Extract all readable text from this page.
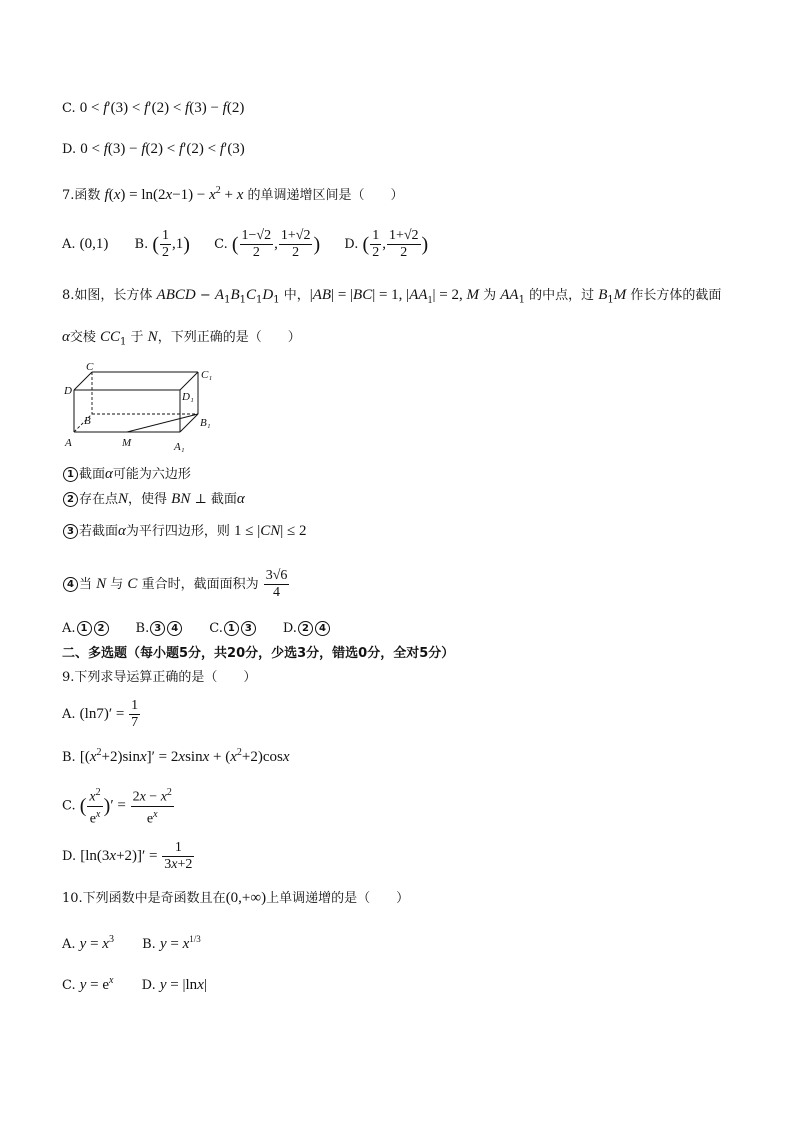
C. 0 < f′(3) < f′(2) < f(3) − f(2)
D. 0 < f(3) − f(2) < f′(2) < f′(3)
7.函数 $f(x) = \ln(2x-1) - x^2 + x$ 的单调递增区间是（　　）
A. (0,1) B. ( $\frac{1}{2} ,1$) C. ( $\frac{1-√2}{2}$ , $\frac{1+√2}{2}$ ) D. ( $\frac{1}{2}$ , $\frac{1+√2}{2}$ )
8.如图，长方体 ABCD − $A_1B_1C_1D_1$ 中，|AB| = |BC| = 1, $|AA_1| = 2$, M 为 $AA_1$ 的中点，过 $B_1M$ 作长方体的截面
α交棱 $CC_1$ 于 N，下列正确的是（　　）
C
C₁
D	D₁
B	B₁
A	M	A₁
1 截面α可能为六边形
2 存在点N，使得 BN ⊥ 截面α
3 若截面α为平行四边形，则 1 ≤ |CN| ≤ 2
4 当 N 与 C 重合时，截面面积为 $\frac{3√6}{4}$
A. 1 2　　B. 3 4　　C. 1 3　　D. 2 4
二、多选题（每小题5分，共20分，少选3分，错选0分，全对5分）
9.下列求导运算正确的是（　　）
A. $(\ln 7)' = \frac{1}{7}$
B. $[(x^2+2)\sin x]' = 2xsinx + (x^2+2)\cos x$
C. ( $\frac{x^2}{e^x}$ )′ = $\frac{2x - x^2}{e^x}$
D. $[\ln(3x+2)]' = \frac{1}{3x+2}$
10.下列函数中是奇函数且在(0,+∞)上单调递增的是（　　）
A. $y = x^3$ B. $y = x^{1/3}$
C. $y = e^x$ D. y = |lnx|
